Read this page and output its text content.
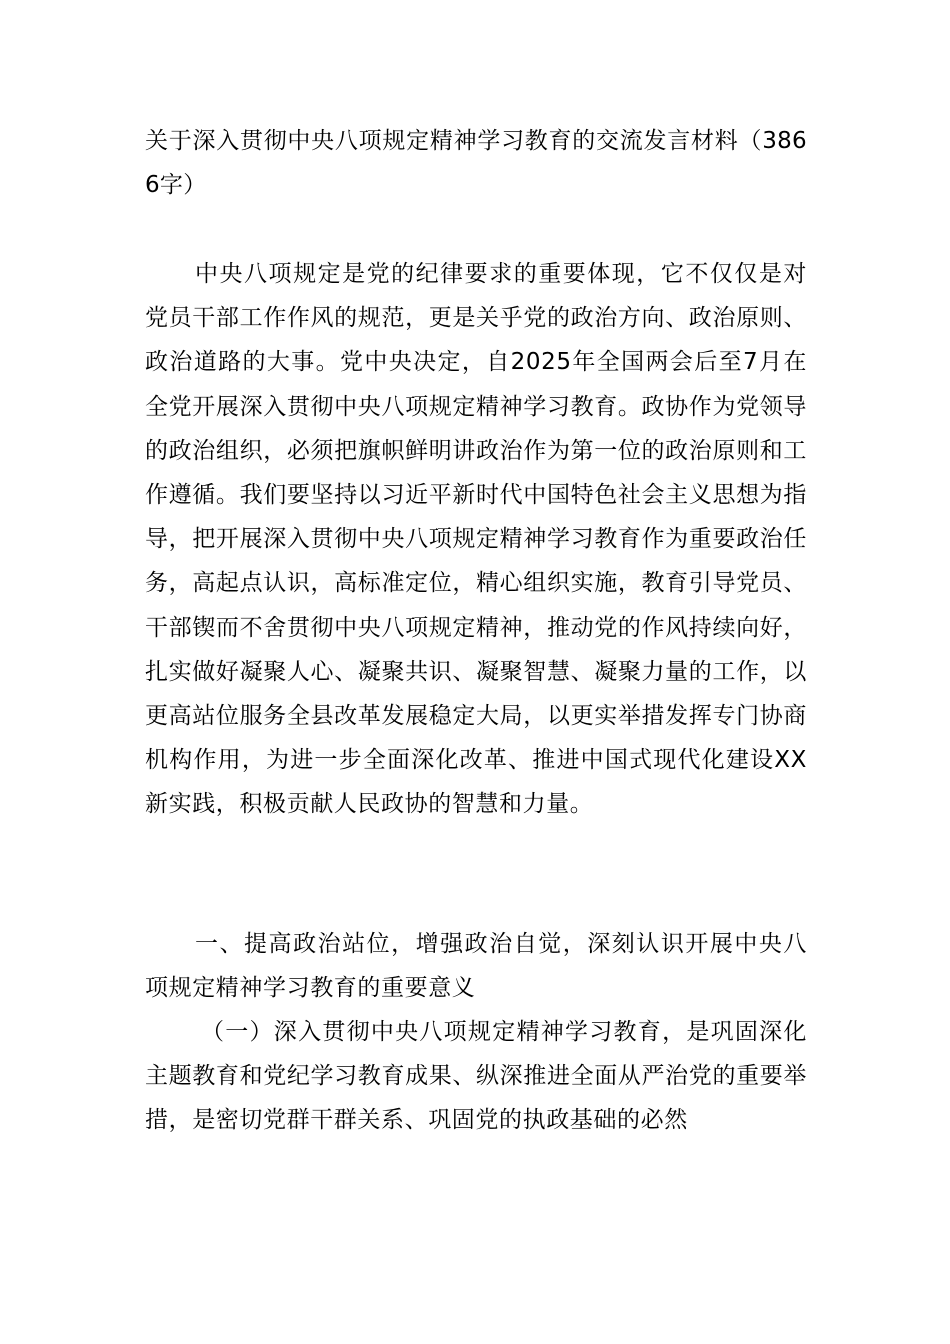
关于深入贯彻中央八项规定精神学习教育的交流发言材料（3866字）

中央八项规定是党的纪律要求的重要体现，它不仅仅是对党员干部工作作风的规范，更是关乎党的政治方向、政治原则、政治道路的大事。党中央决定，自2025年全国两会后至7月在全党开展深入贯彻中央八项规定精神学习教育。政协作为党领导的政治组织，必须把旗帜鲜明讲政治作为第一位的政治原则和工作遵循。我们要坚持以习近平新时代中国特色社会主义思想为指导，把开展深入贯彻中央八项规定精神学习教育作为重要政治任务，高起点认识，高标准定位，精心组织实施，教育引导党员、干部锲而不舍贯彻中央八项规定精神，推动党的作风持续向好，扎实做好凝聚人心、凝聚共识、凝聚智慧、凝聚力量的工作，以更高站位服务全县改革发展稳定大局，以更实举措发挥专门协商机构作用，为进一步全面深化改革、推进中国式现代化建设XX新实践，积极贡献人民政协的智慧和力量。

一、提高政治站位，增强政治自觉，深刻认识开展中央八项规定精神学习教育的重要意义

（一）深入贯彻中央八项规定精神学习教育，是巩固深化主题教育和党纪学习教育成果、纵深推进全面从严治党的重要举措，是密切党群干群关系、巩固党的执政基础的必然
